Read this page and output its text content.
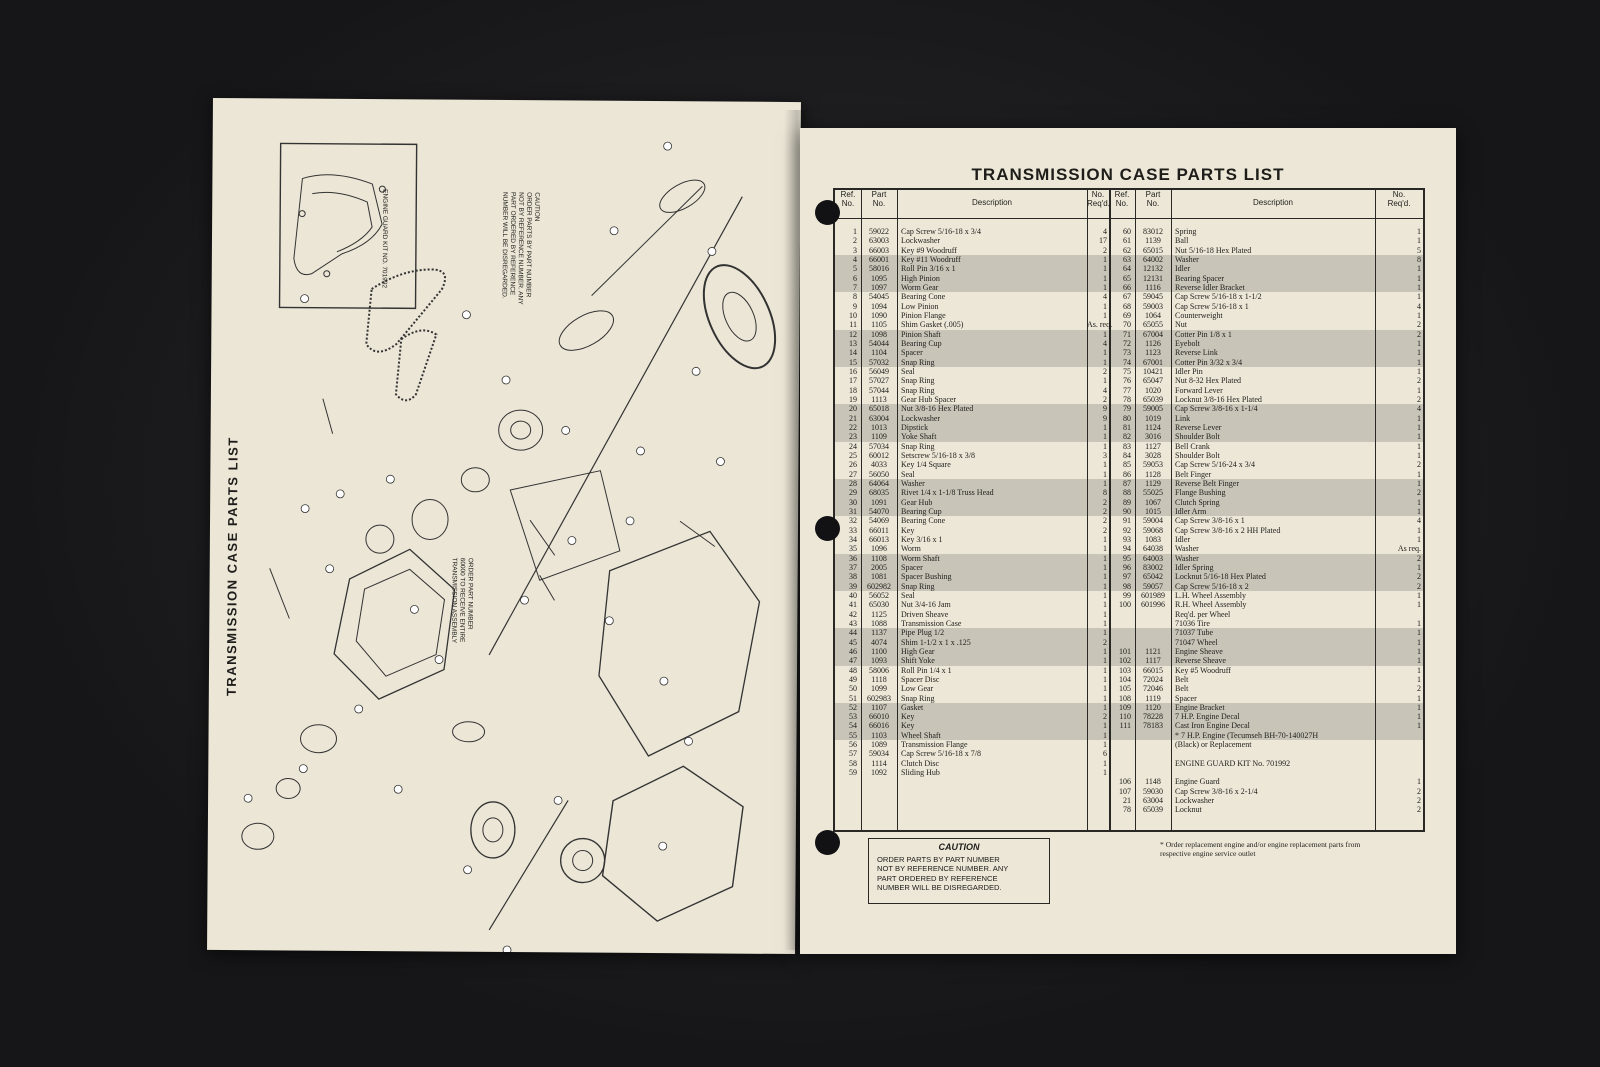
TRANSMISSION CASE PARTS LIST
CAUTION
ORDER PARTS BY PART NUMBER
NOT BY REFERENCE NUMBER. ANY
PART ORDERED BY REFERENCE
NUMBER WILL BE DISREGARDED.
ENGINE GUARD KIT NO. 701992
ORDER PART NUMBER
60000 TO RECEIVE ENTIRE
TRANSMISSION ASSEMBLY
TRANSMISSION CASE PARTS LIST
Ref.
No.
Part
No.	Description
No.
Req'd.
Ref.
No.
Part
No.	Description
No.
Req'd.
1	59022	Cap Screw 5/16-18 x 3/4	4
2	63003	Lockwasher	17
3	66003	Key #9 Woodruff	2
4	66001	Key #11 Woodruff	1
5	58016	Roll Pin 3/16 x 1	1
6	1095	High Pinion	1
7	1097	Worm Gear	1
8	54045	Bearing Cone	4
9	1094	Low Pinion	1
10	1090	Pinion Flange	1
11	1105	Shim Gasket (.005)	As. req.
12	1098	Pinion Shaft	1
13	54044	Bearing Cup	4
14	1104	Spacer	1
15	57032	Snap Ring	1
16	56049	Seal	2
17	57027	Snap Ring	1
18	57044	Snap Ring	4
19	1113	Gear Hub Spacer	2
20	65018	Nut 3/8-16 Hex Plated	9
21	63004	Lockwasher	9
22	1013	Dipstick	1
23	1109	Yoke Shaft	1
24	57034	Snap Ring	1
25	60012	Setscrew 5/16-18 x 3/8	3
26	4033	Key 1/4 Square	1
27	56050	Seal	1
28	64064	Washer	1
29	68035	Rivet 1/4 x 1-1/8 Truss Head	8
30	1091	Gear Hub	2
31	54070	Bearing Cup	2
32	54069	Bearing Cone	2
33	66011	Key	2
34	66013	Key 3/16 x 1	1
35	1096	Worm	1
36	1108	Worm Shaft	1
37	2005	Spacer	1
38	1081	Spacer Bushing	1
39	602982	Snap Ring	1
40	56052	Seal	1
41	65030	Nut 3/4-16 Jam	1
42	1125	Driven Sheave	1
43	1088	Transmission Case	1
44	1137	Pipe Plug 1/2	1
45	4074	Shim 1-1/2 x 1 x .125	2
46	1100	High Gear	1
47	1093	Shift Yoke	1
48	58006	Roll Pin 1/4 x 1	1
49	1118	Spacer Disc	1
50	1099	Low Gear	1
51	602983	Snap Ring	1
52	1107	Gasket	1
53	66010	Key	2
54	66016	Key	1
55	1103	Wheel Shaft	1
56	1089	Transmission Flange	1
57	59034	Cap Screw 5/16-18 x 7/8	6
58	1114	Clutch Disc	1
59	1092	Sliding Hub	1
60	83012	Spring	1
61	1139	Ball	1
62	65015	Nut 5/16-18 Hex Plated	5
63	64002	Washer	8
64	12132	Idler	1
65	12131	Bearing Spacer	1
66	1116	Reverse Idler Bracket	1
67	59045	Cap Screw 5/16-18 x 1-1/2	1
68	59003	Cap Screw 5/16-18 x 1	4
69	1064	Counterweight	1
70	65055	Nut	2
71	67004	Cotter Pin 1/8 x 1	2
72	1126	Eyebolt	1
73	1123	Reverse Link	1
74	67001	Cotter Pin 3/32 x 3/4	1
75	10421	Idler Pin	1
76	65047	Nut 8-32 Hex Plated	2
77	1020	Forward Lever	1
78	65039	Locknut 3/8-16 Hex Plated	2
79	59005	Cap Screw 3/8-16 x 1-1/4	4
80	1019	Link	1
81	1124	Reverse Lever	1
82	3016	Shoulder Bolt	1
83	1127	Bell Crank	1
84	3028	Shoulder Bolt	1
85	59053	Cap Screw 5/16-24 x 3/4	2
86	1128	Belt Finger	1
87	1129	Reverse Belt Finger	1
88	55025	Flange Bushing	2
89	1067	Clutch Spring	1
90	1015	Idler Arm	1
91	59004	Cap Screw 3/8-16 x 1	4
92	59068	Cap Screw 3/8-16 x 2 HH Plated	1
93	1083	Idler	1
94	64038	Washer	As req.
95	64003	Washer	2
96	83002	Idler Spring	1
97	65042	Locknut 5/16-18 Hex Plated	2
98	59057	Cap Screw 5/16-18 x 2	2
99	601989	L.H. Wheel Assembly	1
100	601996	R.H. Wheel Assembly	1
Req'd. per Wheel
71036 Tire	1
71037 Tube	1
71047 Wheel	1
101	1121	Engine Sheave	1
102	1117	Reverse Sheave	1
103	66015	Key #5 Woodruff	1
104	72024	Belt	1
105	72046	Belt	2
108	1119	Spacer	1
109	1120	Engine Bracket	1
110	78228	7 H.P. Engine Decal	1
111	78183	Cast Iron Engine Decal	1
* 7 H.P. Engine (Tecumseh BH-70-140027H
(Black) or Replacement
ENGINE GUARD KIT No. 701992
106	1148	Engine Guard	1
107	59030	Cap Screw 3/8-16 x 2-1/4	2
21	63004	Lockwasher	2
78	65039	Locknut	2
CAUTION
ORDER PARTS BY PART NUMBER
NOT BY REFERENCE NUMBER. ANY
PART ORDERED BY REFERENCE
NUMBER WILL BE DISREGARDED.
* Order replacement engine and/or engine replacement parts from respective engine service outlet
